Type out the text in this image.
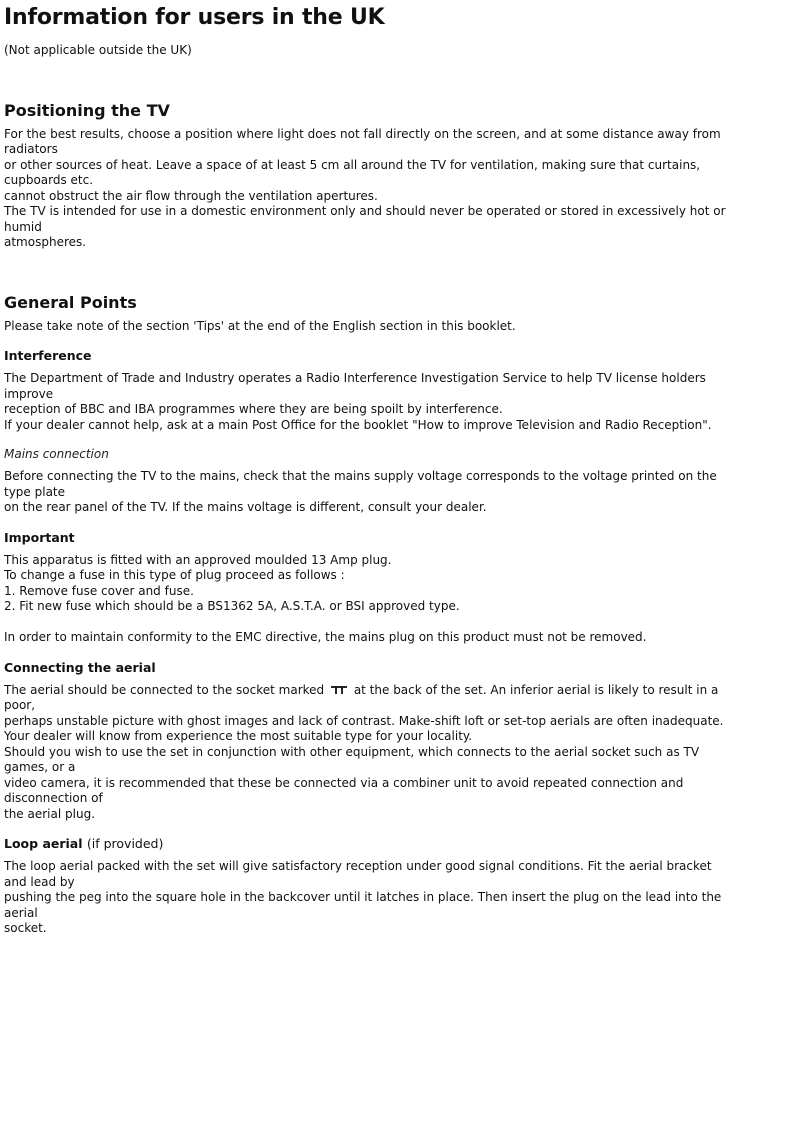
Information for users in the UK

(Not applicable outside the UK)

Positioning the TV

For the best results, choose a position where light does not fall directly on the screen, and at some distance away from radiators
or other sources of heat. Leave a space of at least 5 cm all around the TV for ventilation, making sure that curtains, cupboards etc.
cannot obstruct the air flow through the ventilation apertures.
The TV is intended for use in a domestic environment only and should never be operated or stored in excessively hot or humid
atmospheres.

General Points

Please take note of the section 'Tips' at the end of the English section in this booklet.

Interference

The Department of Trade and Industry operates a Radio Interference Investigation Service to help TV license holders improve
reception of BBC and IBA programmes where they are being spoilt by interference.
If your dealer cannot help, ask at a main Post Office for the booklet "How to improve Television and Radio Reception".

Mains connection

Before connecting the TV to the mains, check that the mains supply voltage corresponds to the voltage printed on the type plate
on the rear panel of the TV. If the mains voltage is different, consult your dealer.

Important

This apparatus is fitted with an approved moulded 13 Amp plug.
To change a fuse in this type of plug proceed as follows :
1. Remove fuse cover and fuse.
2. Fit new fuse which should be a BS1362 5A, A.S.T.A. or BSI approved type.

In order to maintain conformity to the EMC directive, the mains plug on this product must not be removed.

Connecting the aerial

The aerial should be connected to the socket marked at the back of the set. An inferior aerial is likely to result in a poor,
perhaps unstable picture with ghost images and lack of contrast. Make-shift loft or set-top aerials are often inadequate.
Your dealer will know from experience the most suitable type for your locality.
Should you wish to use the set in conjunction with other equipment, which connects to the aerial socket such as TV games, or a
video camera, it is recommended that these be connected via a combiner unit to avoid repeated connection and disconnection of
the aerial plug.

Loop aerial (if provided)

The loop aerial packed with the set will give satisfactory reception under good signal conditions. Fit the aerial bracket and lead by
pushing the peg into the square hole in the backcover until it latches in place. Then insert the plug on the lead into the aerial
socket.
